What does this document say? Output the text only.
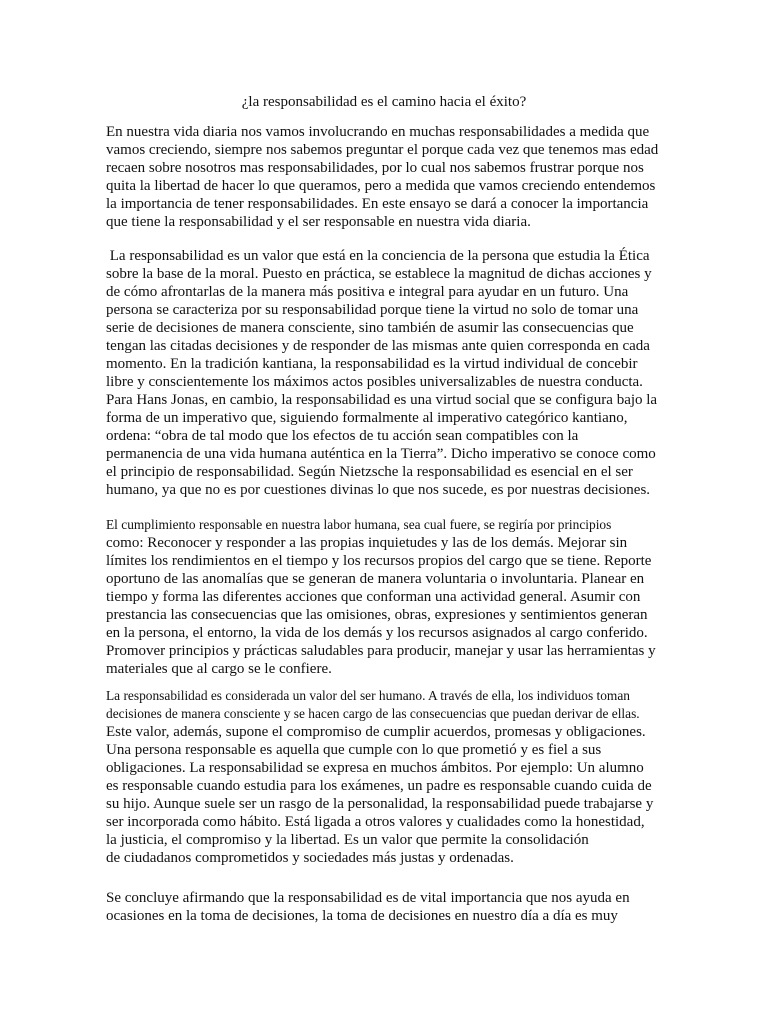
¿la responsabilidad es el camino hacia el éxito?
En nuestra vida diaria nos vamos involucrando en muchas responsabilidades a medida que
vamos creciendo, siempre nos sabemos preguntar el porque cada vez que tenemos mas edad
recaen sobre nosotros mas responsabilidades, por lo cual nos sabemos frustrar porque nos
quita la libertad de hacer lo que queramos, pero a medida que vamos creciendo entendemos
la importancia de tener responsabilidades. En este ensayo se dará a conocer la importancia
que tiene la responsabilidad y el ser responsable en nuestra vida diaria.
La responsabilidad es un valor que está en la conciencia de la persona que estudia la Ética
sobre la base de la moral. Puesto en práctica, se establece la magnitud de dichas acciones y
de cómo afrontarlas de la manera más positiva e integral para ayudar en un futuro. Una
persona se caracteriza por su responsabilidad porque tiene la virtud no solo de tomar una
serie de decisiones de manera consciente, sino también de asumir las consecuencias que
tengan las citadas decisiones y de responder de las mismas ante quien corresponda en cada
momento. En la tradición kantiana, la responsabilidad es la virtud individual de concebir
libre y conscientemente los máximos actos posibles universalizables de nuestra conducta.
Para Hans Jonas, en cambio, la responsabilidad es una virtud social que se configura bajo la
forma de un imperativo que, siguiendo formalmente al imperativo categórico kantiano,
ordena: “obra de tal modo que los efectos de tu acción sean compatibles con la
permanencia de una vida humana auténtica en la Tierra”. Dicho imperativo se conoce como
el principio de responsabilidad. Según Nietzsche la responsabilidad es esencial en el ser
humano, ya que no es por cuestiones divinas lo que nos sucede, es por nuestras decisiones.
El cumplimiento responsable en nuestra labor humana, sea cual fuere, se regiría por principios
como: Reconocer y responder a las propias inquietudes y las de los demás. Mejorar sin
límites los rendimientos en el tiempo y los recursos propios del cargo que se tiene. Reporte
oportuno de las anomalías que se generan de manera voluntaria o involuntaria. Planear en
tiempo y forma las diferentes acciones que conforman una actividad general. Asumir con
prestancia las consecuencias que las omisiones, obras, expresiones y sentimientos generan
en la persona, el entorno, la vida de los demás y los recursos asignados al cargo conferido.
Promover principios y prácticas saludables para producir, manejar y usar las herramientas y
materiales que al cargo se le confiere.
La responsabilidad es considerada un valor del ser humano. A través de ella, los individuos toman
decisiones de manera consciente y se hacen cargo de las consecuencias que puedan derivar de ellas.
Este valor, además, supone el compromiso de cumplir acuerdos, promesas y obligaciones.
Una persona responsable es aquella que cumple con lo que prometió y es fiel a sus
obligaciones. La responsabilidad se expresa en muchos ámbitos. Por ejemplo: Un alumno
es responsable cuando estudia para los exámenes, un padre es responsable cuando cuida de
su hijo. Aunque suele ser un rasgo de la personalidad, la responsabilidad puede trabajarse y
ser incorporada como hábito. Está ligada a otros valores y cualidades como la honestidad,
la justicia, el compromiso y la libertad. Es un valor que permite la consolidación
de ciudadanos comprometidos y sociedades más justas y ordenadas.
Se concluye afirmando que la responsabilidad es de vital importancia que nos ayuda en
ocasiones en la toma de decisiones, la toma de decisiones en nuestro día a día es muy
